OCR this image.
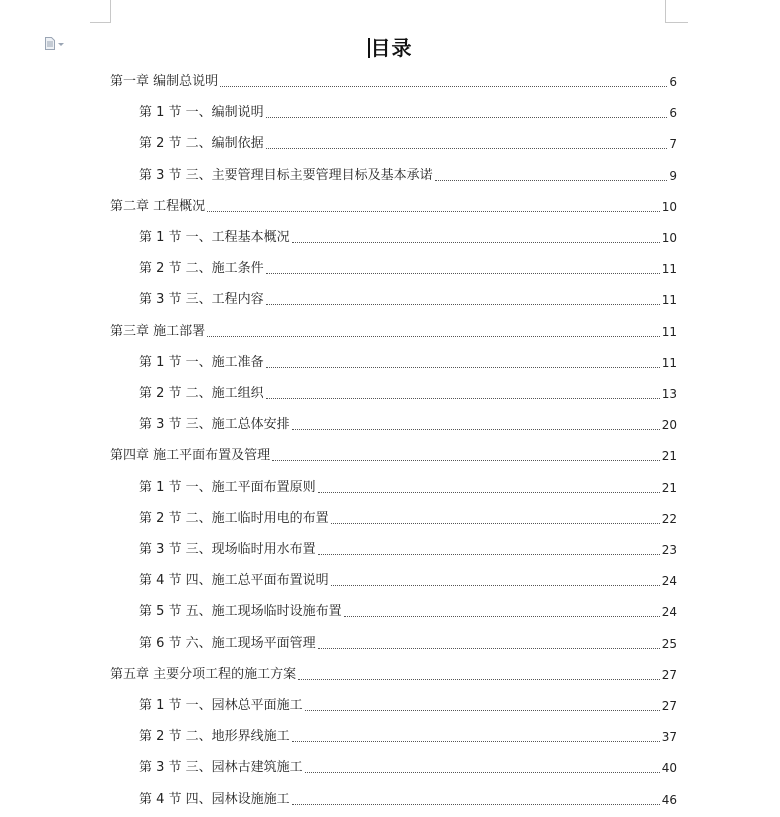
目录
第一章 编制总说明	6
第 1 节 一、编制说明	6
第 2 节 二、编制依据	7
第 3 节 三、主要管理目标主要管理目标及基本承诺	9
第二章 工程概况	10
第 1 节 一、工程基本概况	10
第 2 节 二、施工条件	11
第 3 节 三、工程内容	11
第三章 施工部署	11
第 1 节 一、施工准备	11
第 2 节 二、施工组织	13
第 3 节 三、施工总体安排	20
第四章 施工平面布置及管理	21
第 1 节 一、施工平面布置原则	21
第 2 节 二、施工临时用电的布置	22
第 3 节 三、现场临时用水布置	23
第 4 节 四、施工总平面布置说明	24
第 5 节 五、施工现场临时设施布置	24
第 6 节 六、施工现场平面管理	25
第五章 主要分项工程的施工方案	27
第 1 节 一、园林总平面施工	27
第 2 节 二、地形界线施工	37
第 3 节 三、园林古建筑施工	40
第 4 节 四、园林设施施工	46
